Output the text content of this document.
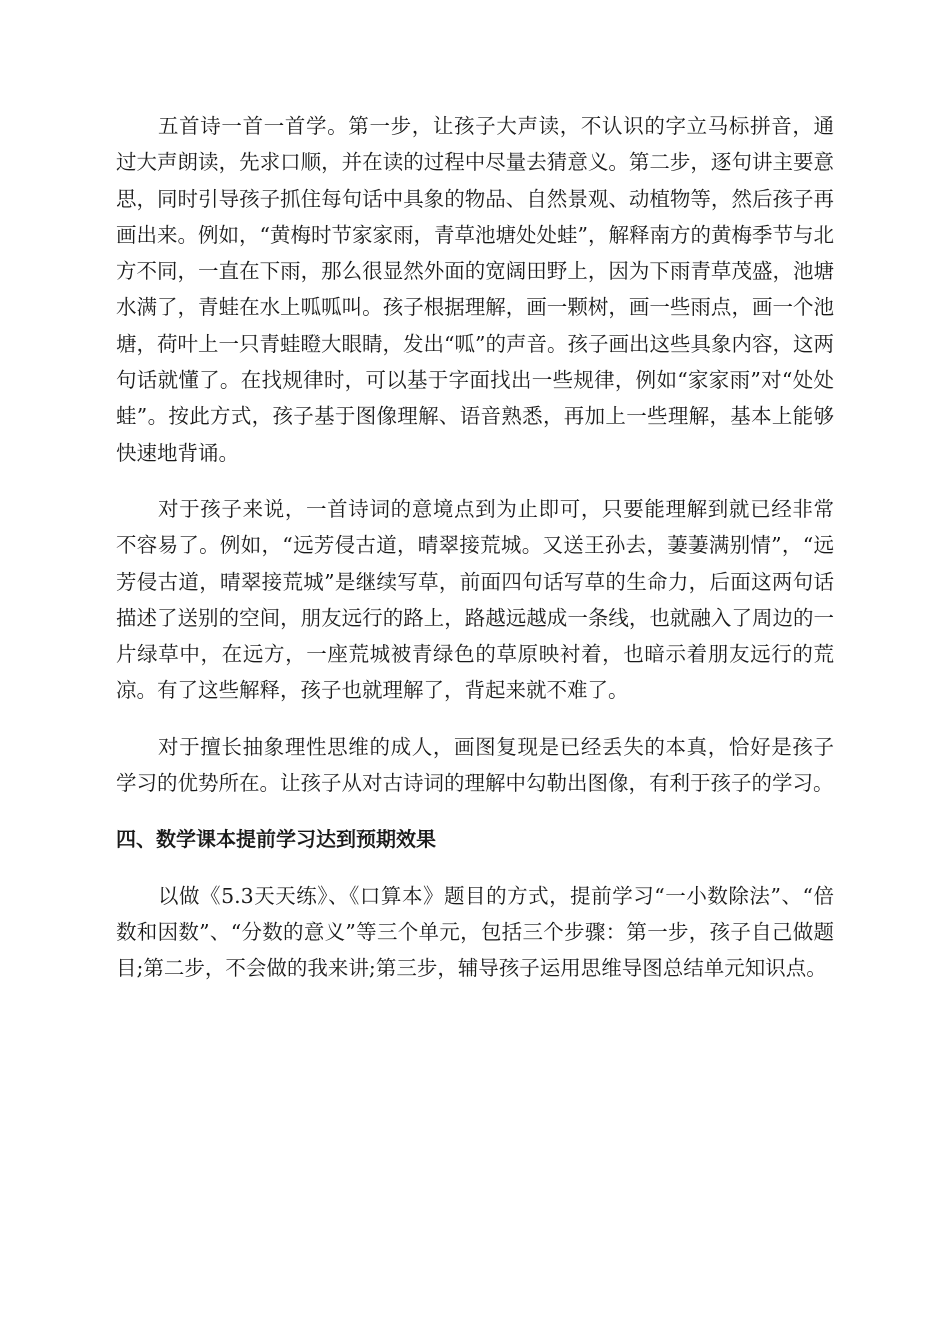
五首诗一首一首学。第一步，让孩子大声读，不认识的字立马标拼音，通过大声朗读，先求口顺，并在读的过程中尽量去猜意义。第二步，逐句讲主要意思，同时引导孩子抓住每句话中具象的物品、自然景观、动植物等，然后孩子再画出来。例如，“黄梅时节家家雨，青草池塘处处蛙”，解释南方的黄梅季节与北方不同，一直在下雨，那么很显然外面的宽阔田野上，因为下雨青草茂盛，池塘水满了，青蛙在水上呱呱叫。孩子根据理解，画一颗树，画一些雨点，画一个池塘，荷叶上一只青蛙瞪大眼睛，发出“呱”的声音。孩子画出这些具象内容，这两句话就懂了。在找规律时，可以基于字面找出一些规律，例如“家家雨”对“处处蛙”。按此方式，孩子基于图像理解、语音熟悉，再加上一些理解，基本上能够快速地背诵。

对于孩子来说，一首诗词的意境点到为止即可，只要能理解到就已经非常不容易了。例如，“远芳侵古道，晴翠接荒城。又送王孙去，萋萋满别情”，“远芳侵古道，晴翠接荒城”是继续写草，前面四句话写草的生命力，后面这两句话描述了送别的空间，朋友远行的路上，路越远越成一条线，也就融入了周边的一片绿草中，在远方，一座荒城被青绿色的草原映衬着，也暗示着朋友远行的荒凉。有了这些解释，孩子也就理解了，背起来就不难了。

对于擅长抽象理性思维的成人，画图复现是已经丢失的本真，恰好是孩子学习的优势所在。让孩子从对古诗词的理解中勾勒出图像，有利于孩子的学习。

四、数学课本提前学习达到预期效果

以做《5.3天天练》、《口算本》题目的方式，提前学习“一小数除法”、“倍数和因数”、“分数的意义”等三个单元，包括三个步骤：第一步，孩子自己做题目;第二步，不会做的我来讲;第三步，辅导孩子运用思维导图总结单元知识点。
